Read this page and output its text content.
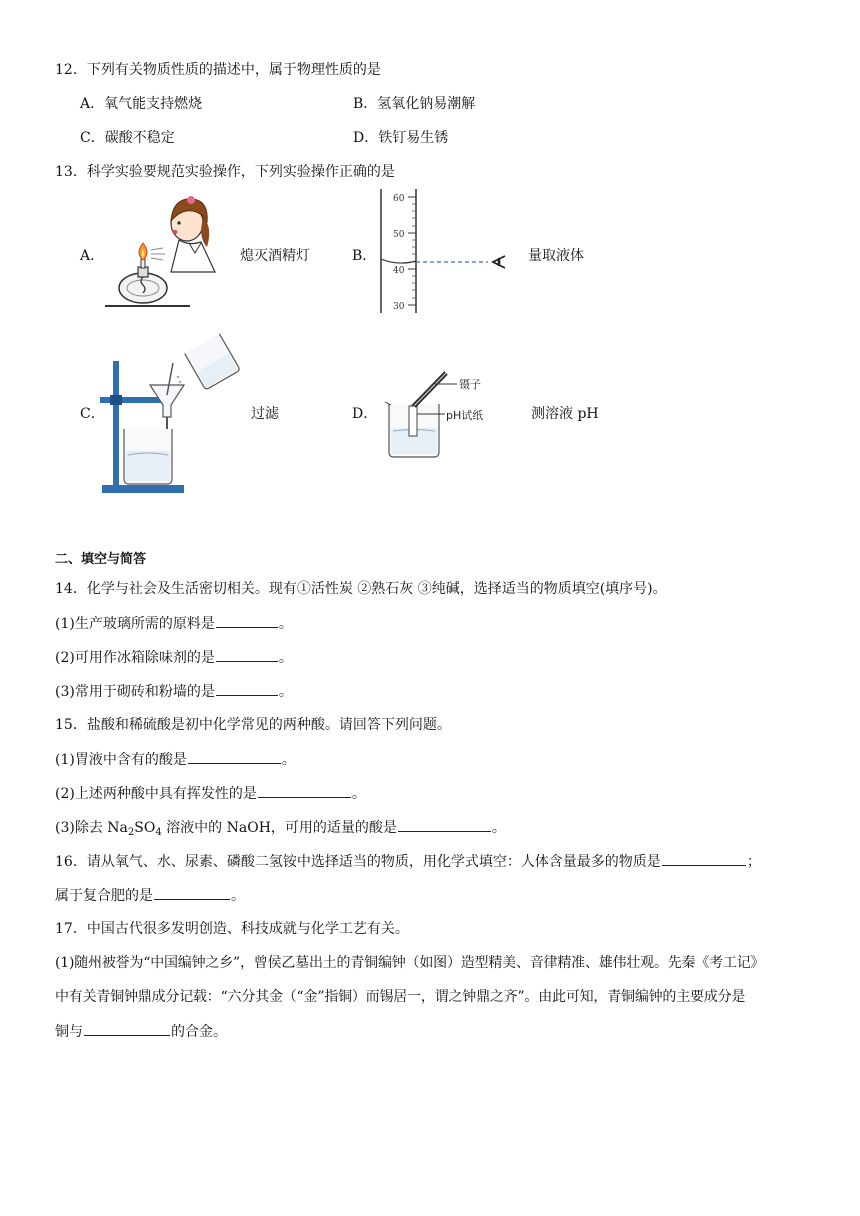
12．下列有关物质性质的描述中，属于物理性质的是
A．氧气能支持燃烧	B．氢氧化钠易潮解
C．碳酸不稳定	D．铁钉易生锈
13．科学实验要规范实验操作，下列实验操作正确的是
A．	熄灭酒精灯	B．
60
50
40
30
量取液体
C．	过滤	D．
镊子
pH试纸	测溶液 pH
二、填空与简答
14．化学与社会及生活密切相关。现有①活性炭 ②熟石灰 ③纯碱，选择适当的物质填空(填序号)。
(1)生产玻璃所需的原料是	。
(2)可用作冰箱除味剂的是	。
(3)常用于砌砖和粉墙的是	。
15．盐酸和稀硫酸是初中化学常见的两种酸。请回答下列问题。
(1)胃液中含有的酸是	。
(2)上述两种酸中具有挥发性的是	。
(3)除去 $Na_2SO_4$ 溶液中的 NaOH，可用的适量的酸是	。
16．请从氧气、水、尿素、磷酸二氢铵中选择适当的物质，用化学式填空：人体含量最多的物质是	；
属于复合肥的是	。
17．中国古代很多发明创造、科技成就与化学工艺有关。
(1)随州被誉为“中国编钟之乡”，曾侯乙墓出土的青铜编钟（如图）造型精美、音律精准、雄伟壮观。先秦《考工记》
中有关青铜钟鼎成分记载：“六分其金（“金”指铜）而锡居一，谓之钟鼎之齐”。由此可知，青铜编钟的主要成分是
铜与	的合金。
